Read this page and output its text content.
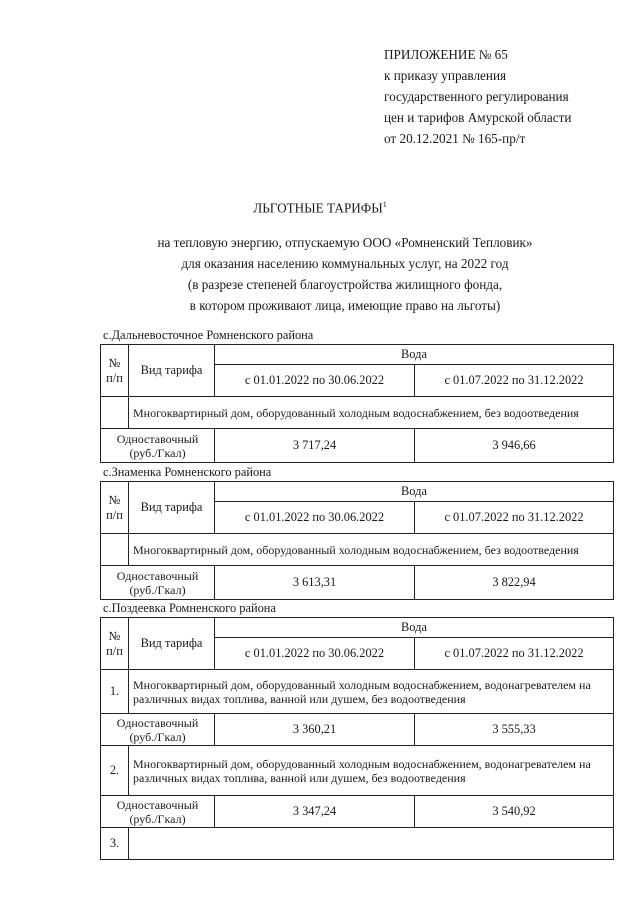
ПРИЛОЖЕНИЕ № 65
к приказу управления
государственного регулирования
цен и тарифов Амурской области
от 20.12.2021 № 165-пр/т
ЛЬГОТНЫЕ ТАРИФЫ$^1$
на тепловую энергию, отпускаемую ООО «Ромненский Тепловик»
для оказания населению коммунальных услуг, на 2022 год
(в разрезе степеней благоустройства жилищного фонда,
в котором проживают лица, имеющие право на льготы)
с.Дальневосточное Ромненского района
№ п/п	Вид тарифа	Вода	
		с 01.01.2022 по 30.06.2022	с 01.07.2022 по 31.12.2022
	Многоквартирный дом, оборудованный холодным водоснабжением, без водоотведения		
Одноставочный (руб./Гкал)		3 717,24	3 946,66
с.Знаменка Ромненского района
№ п/п	Вид тарифа	Вода	
		с 01.01.2022 по 30.06.2022	с 01.07.2022 по 31.12.2022
	Многоквартирный дом, оборудованный холодным водоснабжением, без водоотведения		
Одноставочный (руб./Гкал)		3 613,31	3 822,94
с.Поздеевка Ромненского района
№ п/п	Вид тарифа	Вода	
		с 01.01.2022 по 30.06.2022	с 01.07.2022 по 31.12.2022
1.	Многоквартирный дом, оборудованный холодным водоснабжением, водонагревателем на различных видах топлива, ванной или душем, без водоотведения		
Одноставочный (руб./Гкал)		3 360,21	3 555,33
2.	Многоквартирный дом, оборудованный холодным водоснабжением, водонагревателем на различных видах топлива, ванной или душем, без водоотведения		
Одноставочный (руб./Гкал)		3 347,24	3 540,92
3.			
